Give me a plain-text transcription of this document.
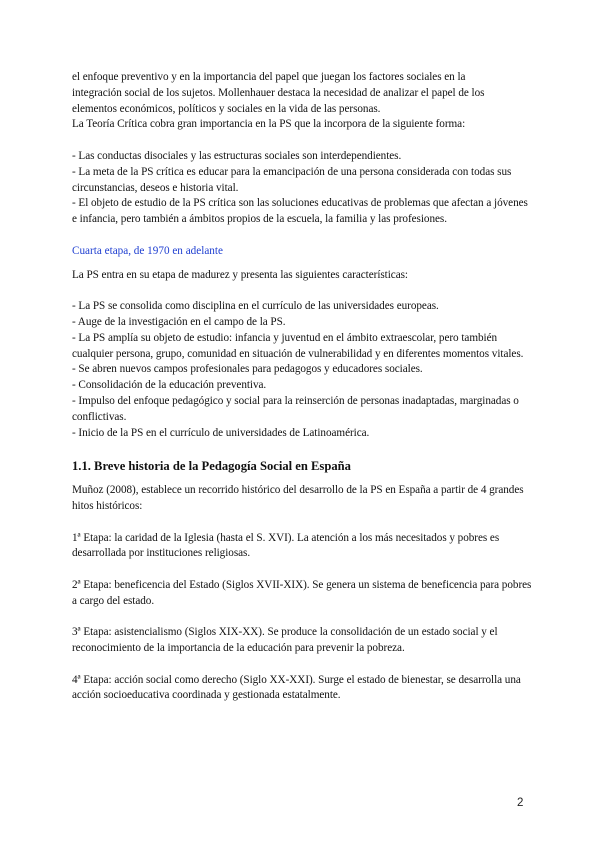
el enfoque preventivo y en la importancia del papel que juegan los factores sociales en la

integración social de los sujetos. Mollenhauer destaca la necesidad de analizar el papel de los

elementos económicos, políticos y sociales en la vida de las personas.

La Teoría Crítica cobra gran importancia en la PS que la incorpora de la siguiente forma:

- Las conductas disociales y las estructuras sociales son interdependientes.

- La meta de la PS crítica es educar para la emancipación de una persona considerada con todas sus circunstancias, deseos e historia vital.

- El objeto de estudio de la PS crítica son las soluciones educativas de problemas que afectan a jóvenes e infancia, pero también a ámbitos propios de la escuela, la familia y las profesiones.

Cuarta etapa, de 1970 en adelante

La PS entra en su etapa de madurez y presenta las siguientes características:

- La PS se consolida como disciplina en el currículo de las universidades europeas.

- Auge de la investigación en el campo de la PS.

- La PS amplía su objeto de estudio: infancia y juventud en el ámbito extraescolar, pero también cualquier persona, grupo, comunidad en situación de vulnerabilidad y en diferentes momentos vitales.

- Se abren nuevos campos profesionales para pedagogos y educadores sociales.

- Consolidación de la educación preventiva.

- Impulso del enfoque pedagógico y social para la reinserción de personas inadaptadas, marginadas o conflictivas.

- Inicio de la PS en el currículo de universidades de Latinoamérica.

1.1. Breve historia de la Pedagogía Social en España

Muñoz (2008), establece un recorrido histórico del desarrollo de la PS en España a partir de 4 grandes hitos históricos:

1ª Etapa: la caridad de la Iglesia (hasta el S. XVI). La atención a los más necesitados y pobres es desarrollada por instituciones religiosas.

2ª Etapa: beneficencia del Estado (Siglos XVII-XIX). Se genera un sistema de beneficencia para pobres a cargo del estado.

3ª Etapa: asistencialismo (Siglos XIX-XX). Se produce la consolidación de un estado social y el reconocimiento de la importancia de la educación para prevenir la pobreza.

4ª Etapa: acción social como derecho (Siglo XX-XXI). Surge el estado de bienestar, se desarrolla una acción socioeducativa coordinada y gestionada estatalmente.

2
